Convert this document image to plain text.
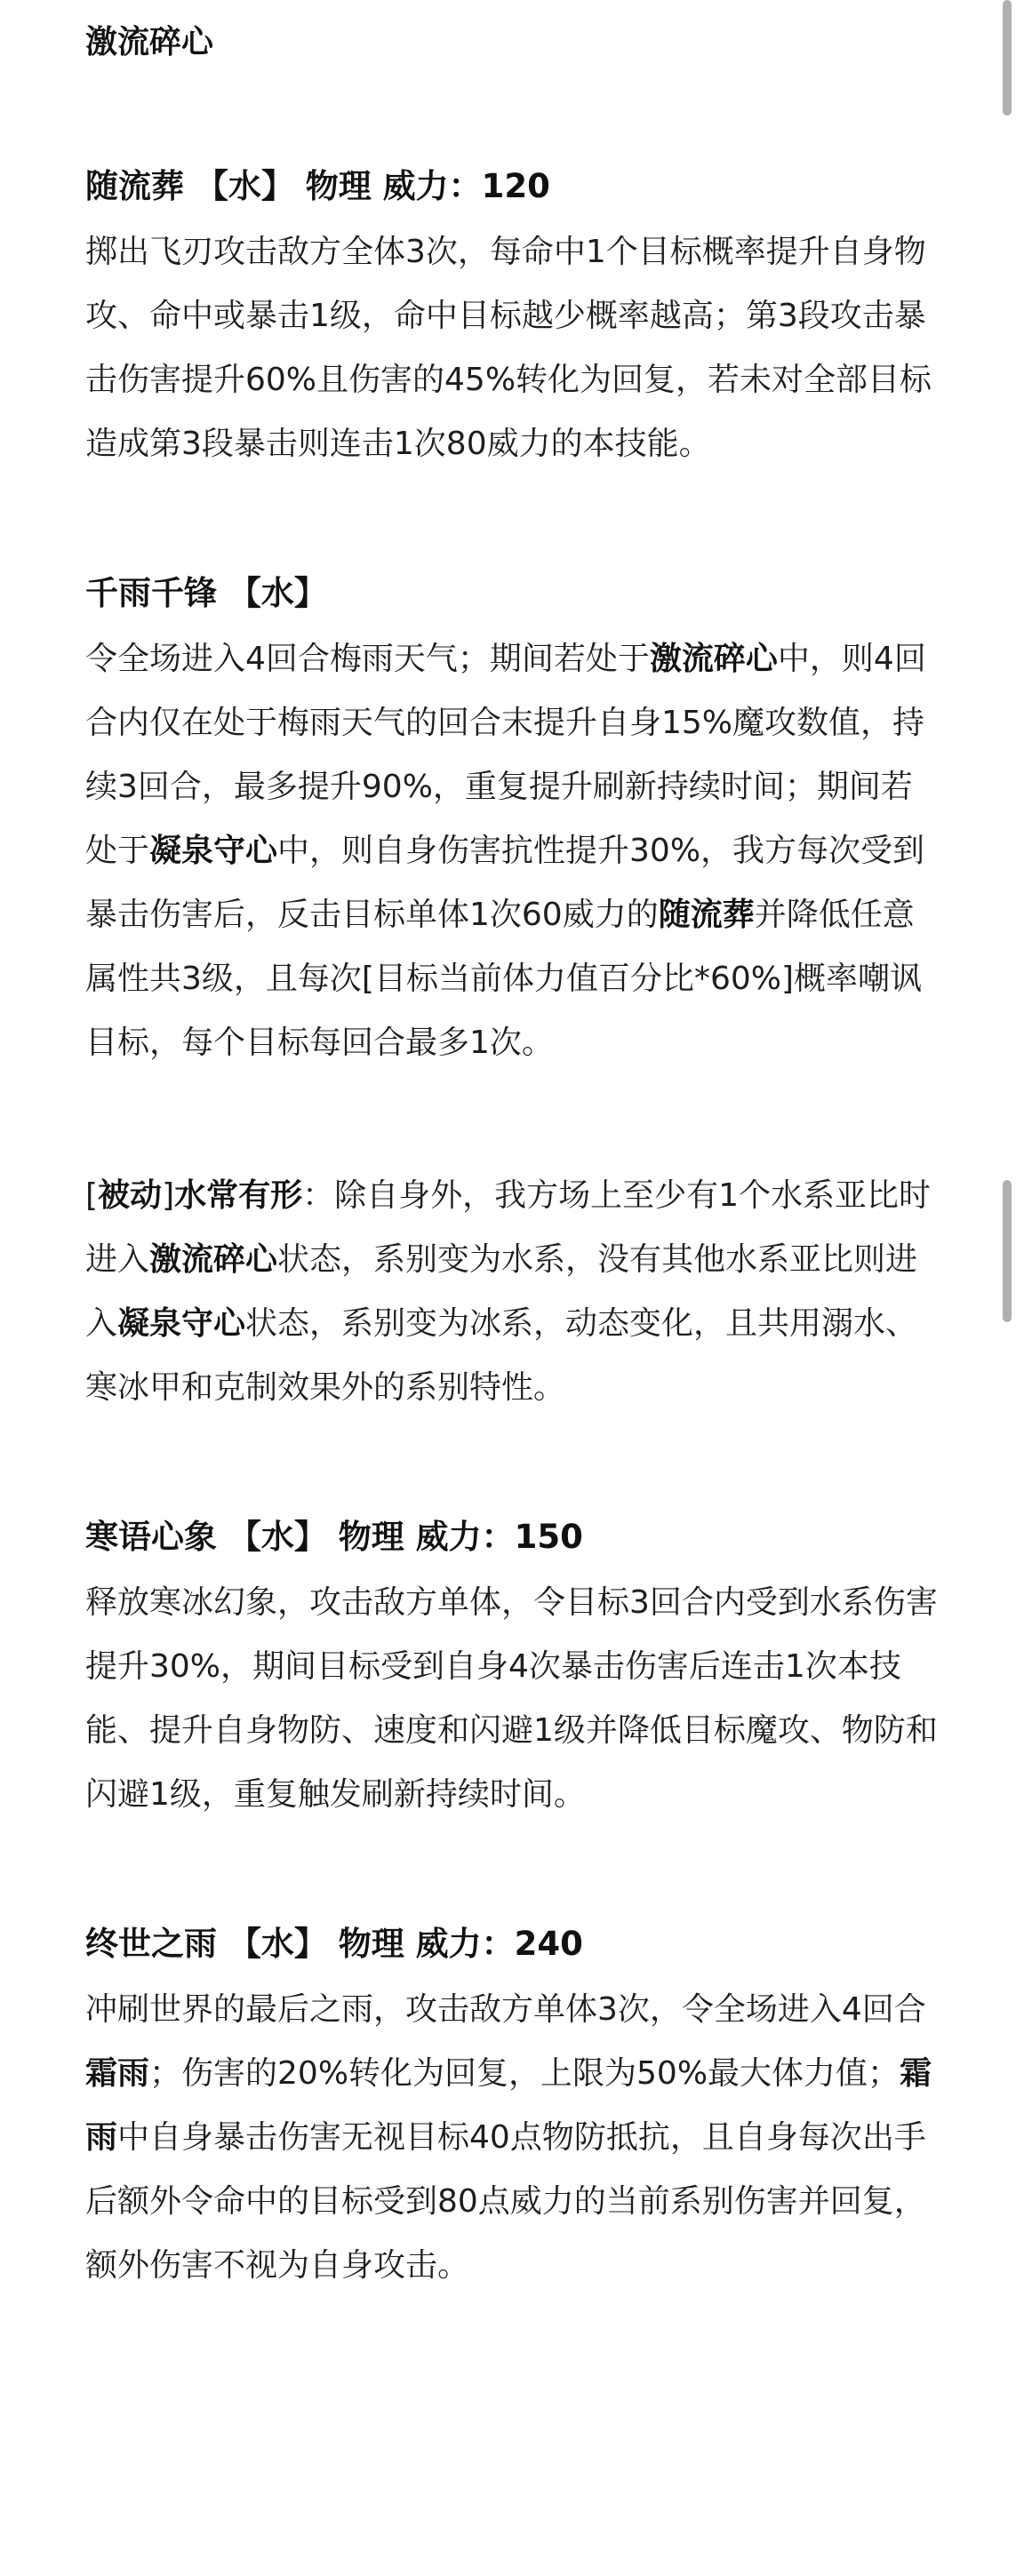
激流碎心
随流葬 【水】 物理 威力：120

掷出飞刃攻击敌方全体3次，每命中1个目标概率提升自身物攻、命中或暴击1级，命中目标越少概率越高；第3段攻击暴击伤害提升60%且伤害的45%转化为回复，若未对全部目标造成第3段暴击则连击1次80威力的本技能。

千雨千锋 【水】

令全场进入4回合梅雨天气；期间若处于激流碎心中，则4回合内仅在处于梅雨天气的回合末提升自身15%魔攻数值，持续3回合，最多提升90%，重复提升刷新持续时间；期间若处于凝泉守心中，则自身伤害抗性提升30%，我方每次受到暴击伤害后，反击目标单体1次60威力的随流葬并降低任意属性共3级，且每次[目标当前体力值百分比*60%]概率嘲讽目标，每个目标每回合最多1次。

[被动]水常有形：除自身外，我方场上至少有1个水系亚比时进入激流碎心状态，系别变为水系，没有其他水系亚比则进入凝泉守心状态，系别变为冰系，动态变化，且共用溺水、寒冰甲和克制效果外的系别特性。

寒语心象 【水】 物理 威力：150

释放寒冰幻象，攻击敌方单体，令目标3回合内受到水系伤害提升30%，期间目标受到自身4次暴击伤害后连击1次本技能、提升自身物防、速度和闪避1级并降低目标魔攻、物防和闪避1级，重复触发刷新持续时间。

终世之雨 【水】 物理 威力：240

冲刷世界的最后之雨，攻击敌方单体3次，令全场进入4回合霜雨；伤害的20%转化为回复，上限为50%最大体力值；霜雨中自身暴击伤害无视目标40点物防抵抗，且自身每次出手后额外令命中的目标受到80点威力的当前系别伤害并回复，额外伤害不视为自身攻击。
